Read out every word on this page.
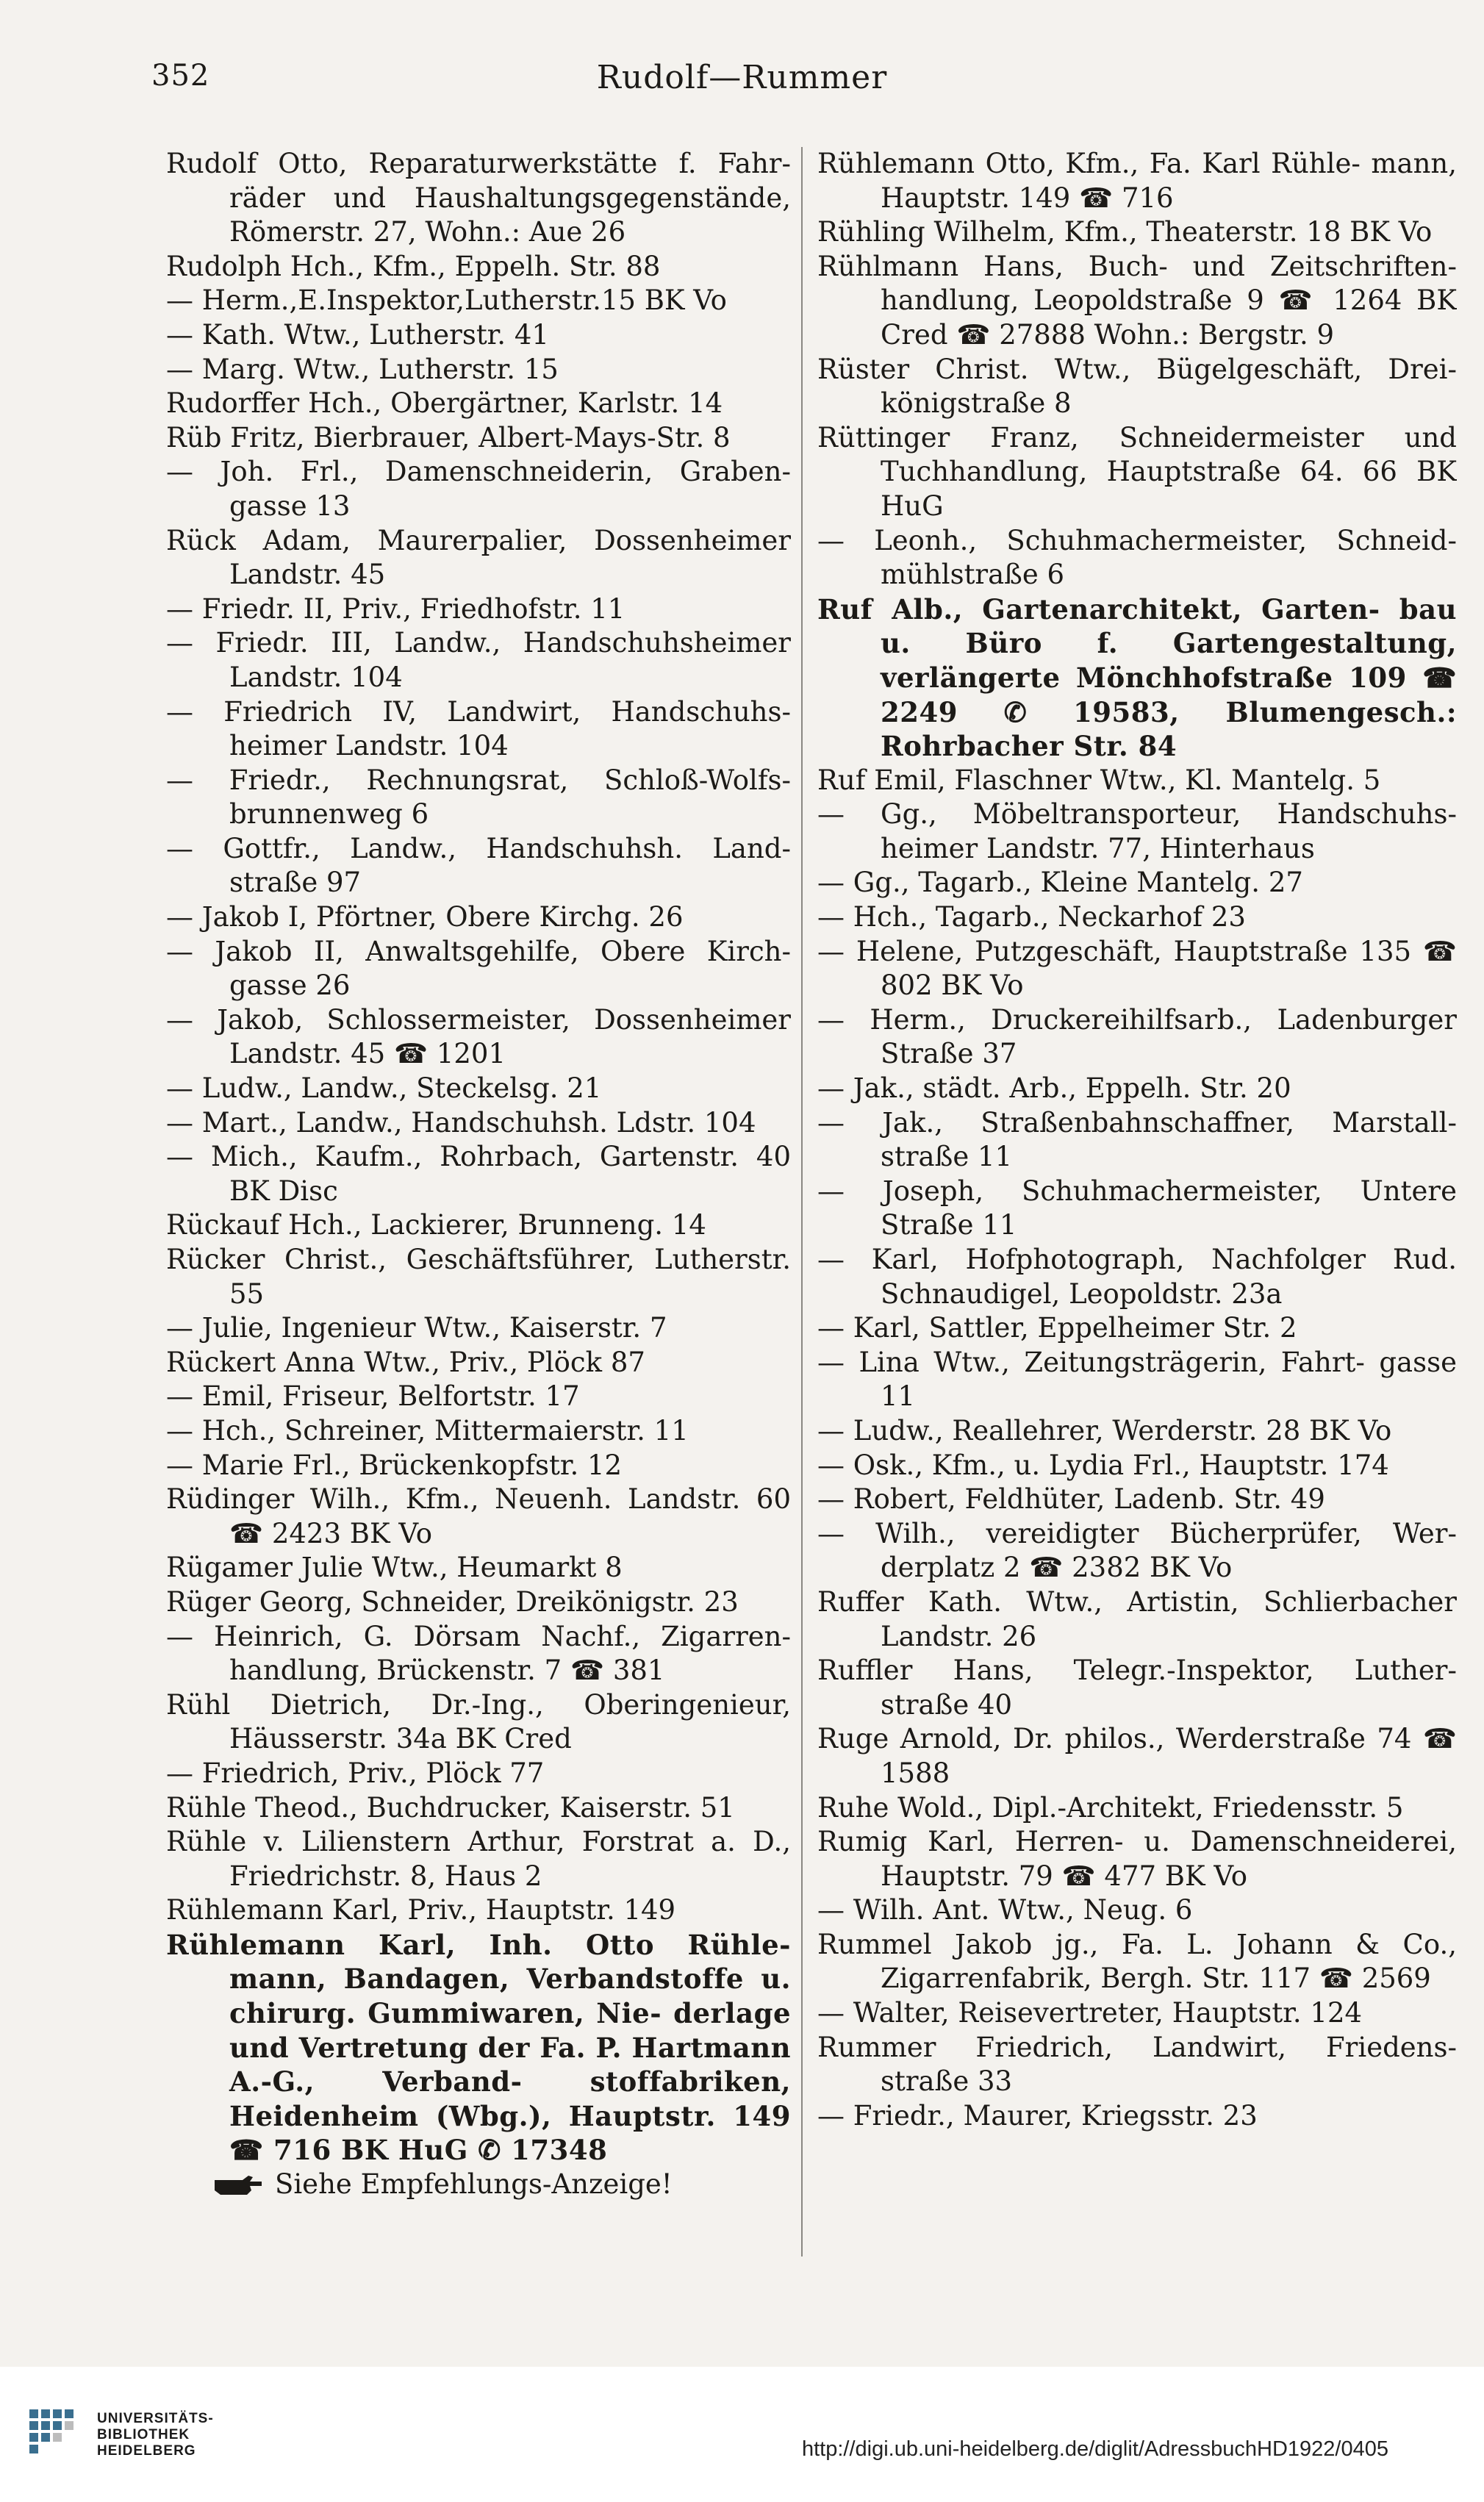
352	Rudolf—Rummer
Rudolf Otto, Reparaturwerkstätte f. Fahr- räder und Haushaltungsgegenstände, Römerstr. 27, Wohn.: Aue 26
Rudolph Hch., Kfm., Eppelh. Str. 88
— Herm.,E.Inspektor,Lutherstr.15 BK Vo
— Kath. Wtw., Lutherstr. 41
— Marg. Wtw., Lutherstr. 15
Rudorffer Hch., Obergärtner, Karlstr. 14
Rüb Fritz, Bierbrauer, Albert-Mays-Str. 8
— Joh. Frl., Damenschneiderin, Graben- gasse 13
Rück Adam, Maurerpalier, Dossenheimer Landstr. 45
— Friedr. II, Priv., Friedhofstr. 11
— Friedr. III, Landw., Handschuhsheimer Landstr. 104
— Friedrich IV, Landwirt, Handschuhs- heimer Landstr. 104
— Friedr., Rechnungsrat, Schloß-Wolfs- brunnenweg 6
— Gottfr., Landw., Handschuhsh. Land- straße 97
— Jakob I, Pförtner, Obere Kirchg. 26
— Jakob II, Anwaltsgehilfe, Obere Kirch- gasse 26
— Jakob, Schlossermeister, Dossenheimer Landstr. 45 ☎ 1201
— Ludw., Landw., Steckelsg. 21
— Mart., Landw., Handschuhsh. Ldstr. 104
— Mich., Kaufm., Rohrbach, Gartenstr. 40 BK Disc
Rückauf Hch., Lackierer, Brunneng. 14
Rücker Christ., Geschäftsführer, Lutherstr. 55
— Julie, Ingenieur Wtw., Kaiserstr. 7
Rückert Anna Wtw., Priv., Plöck 87
— Emil, Friseur, Belfortstr. 17
— Hch., Schreiner, Mittermaierstr. 11
— Marie Frl., Brückenkopfstr. 12
Rüdinger Wilh., Kfm., Neuenh. Landstr. 60 ☎ 2423 BK Vo
Rügamer Julie Wtw., Heumarkt 8
Rüger Georg, Schneider, Dreikönigstr. 23
— Heinrich, G. Dörsam Nachf., Zigarren- handlung, Brückenstr. 7 ☎ 381
Rühl Dietrich, Dr.-Ing., Oberingenieur, Häusserstr. 34a BK Cred
— Friedrich, Priv., Plöck 77
Rühle Theod., Buchdrucker, Kaiserstr. 51
Rühle v. Lilienstern Arthur, Forstrat a. D., Friedrichstr. 8, Haus 2
Rühlemann Karl, Priv., Hauptstr. 149
Rühlemann Karl, Inh. Otto Rühle- mann, Bandagen, Verbandstoffe u. chirurg. Gummiwaren, Nie- derlage und Vertretung der Fa. P. Hartmann A.-G., Verband- stoffabriken, Heidenheim (Wbg.), Hauptstr. 149 ☎ 716 BK HuG ✆ 17348
Siehe Empfehlungs-Anzeige!
Rühlemann Otto, Kfm., Fa. Karl Rühle- mann, Hauptstr. 149 ☎ 716
Rühling Wilhelm, Kfm., Theaterstr. 18 BK Vo
Rühlmann Hans, Buch- und Zeitschriften- handlung, Leopoldstraße 9 ☎ 1264 BK Cred ☎ 27888 Wohn.: Bergstr. 9
Rüster Christ. Wtw., Bügelgeschäft, Drei- königstraße 8
Rüttinger Franz, Schneidermeister und Tuchhandlung, Hauptstraße 64. 66 BK HuG
— Leonh., Schuhmachermeister, Schneid- mühlstraße 6
Ruf Alb., Gartenarchitekt, Garten- bau u. Büro f. Gartengestaltung, verlängerte Mönchhofstraße 109 ☎ 2249 ✆ 19583, Blumengesch.: Rohrbacher Str. 84
Ruf Emil, Flaschner Wtw., Kl. Mantelg. 5
— Gg., Möbeltransporteur, Handschuhs- heimer Landstr. 77, Hinterhaus
— Gg., Tagarb., Kleine Mantelg. 27
— Hch., Tagarb., Neckarhof 23
— Helene, Putzgeschäft, Hauptstraße 135 ☎ 802 BK Vo
— Herm., Druckereihilfsarb., Ladenburger Straße 37
— Jak., städt. Arb., Eppelh. Str. 20
— Jak., Straßenbahnschaffner, Marstall- straße 11
— Joseph, Schuhmachermeister, Untere Straße 11
— Karl, Hofphotograph, Nachfolger Rud. Schnaudigel, Leopoldstr. 23a
— Karl, Sattler, Eppelheimer Str. 2
— Lina Wtw., Zeitungsträgerin, Fahrt- gasse 11
— Ludw., Reallehrer, Werderstr. 28 BK Vo
— Osk., Kfm., u. Lydia Frl., Hauptstr. 174
— Robert, Feldhüter, Ladenb. Str. 49
— Wilh., vereidigter Bücherprüfer, Wer- derplatz 2 ☎ 2382 BK Vo
Ruffer Kath. Wtw., Artistin, Schlierbacher Landstr. 26
Ruffler Hans, Telegr.-Inspektor, Luther- straße 40
Ruge Arnold, Dr. philos., Werderstraße 74 ☎ 1588
Ruhe Wold., Dipl.-Architekt, Friedensstr. 5
Rumig Karl, Herren- u. Damenschneiderei, Hauptstr. 79 ☎ 477 BK Vo
— Wilh. Ant. Wtw., Neug. 6
Rummel Jakob jg., Fa. L. Johann & Co., Zigarrenfabrik, Bergh. Str. 117 ☎ 2569
— Walter, Reisevertreter, Hauptstr. 124
Rummer Friedrich, Landwirt, Friedens- straße 33
— Friedr., Maurer, Kriegsstr. 23
UNIVERSITÄTS-
BIBLIOTHEK
HEIDELBERG	http://digi.ub.uni-heidelberg.de/diglit/AdressbuchHD1922/0405
